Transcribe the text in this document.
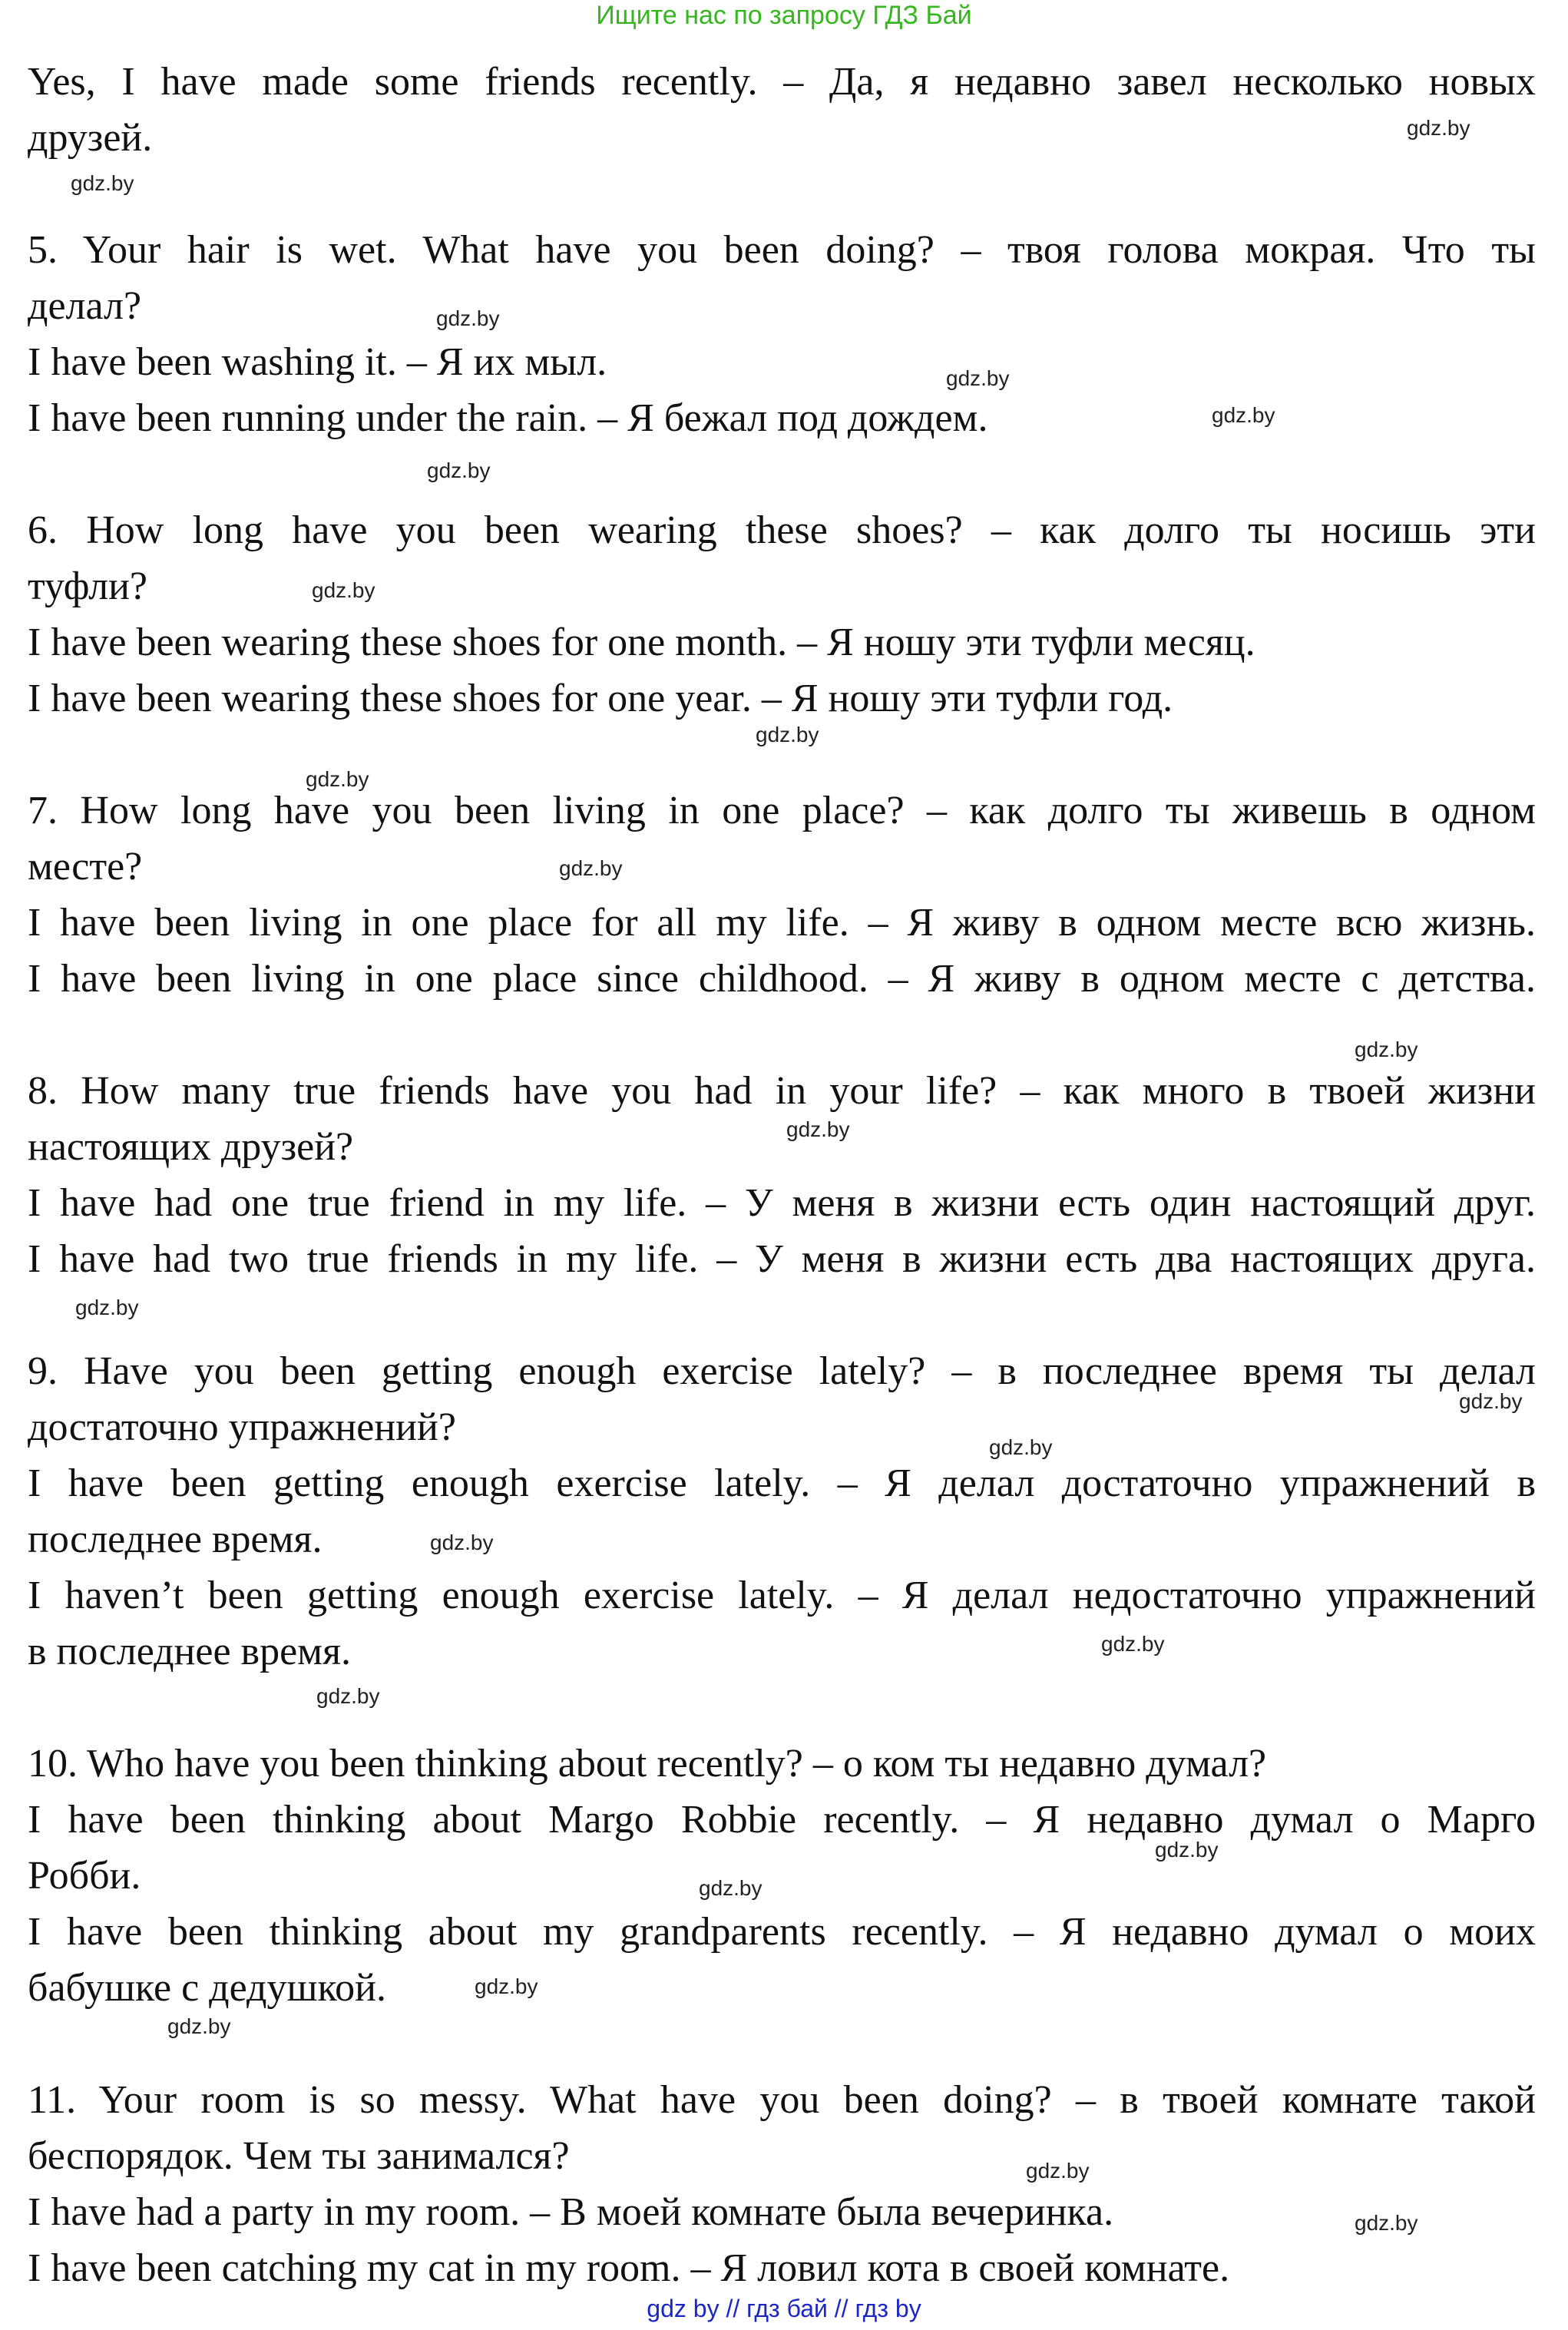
Ищите нас по запросу ГДЗ Бай
Yes, I have made some friends recently. – Да, я недавно завел несколько новых
друзей.
5. Your hair is wet. What have you been doing? – твоя голова мокрая. Что ты
делал?
I have been washing it. – Я их мыл.
I have been running under the rain. – Я бежал под дождем.
6. How long have you been wearing these shoes? – как долго ты носишь эти
туфли?
I have been wearing these shoes for one month. – Я ношу эти туфли месяц.
I have been wearing these shoes for one year. – Я ношу эти туфли год.
7. How long have you been living in one place? – как долго ты живешь в одном
месте?
I have been living in one place for all my life. – Я живу в одном месте всю жизнь.
I have been living in one place since childhood. – Я живу в одном месте с детства.
8. How many true friends have you had in your life? – как много в твоей жизни
настоящих друзей?
I have had one true friend in my life. – У меня в жизни есть один настоящий друг.
I have had two true friends in my life. – У меня в жизни есть два настоящих друга.
9. Have you been getting enough exercise lately? – в последнее время ты делал
достаточно упражнений?
I have been getting enough exercise lately. – Я делал достаточно упражнений в
последнее время.
I haven’t been getting enough exercise lately. – Я делал недостаточно упражнений
в последнее время.
10. Who have you been thinking about recently? – о ком ты недавно думал?
I have been thinking about Margo Robbie recently. – Я недавно думал о Марго
Робби.
I have been thinking about my grandparents recently. – Я недавно думал о моих
бабушке с дедушкой.
11. Your room is so messy. What have you been doing? – в твоей комнате такой
беспорядок. Чем ты занимался?
I have had a party in my room. – В моей комнате была вечеринка.
I have been catching my cat in my room. – Я ловил кота в своей комнате.
gdz.by
gdz.by
gdz.by
gdz.by
gdz.by
gdz.by
gdz.by
gdz.by
gdz.by
gdz.by
gdz.by
gdz.by
gdz.by
gdz.by
gdz.by
gdz.by
gdz.by
gdz.by
gdz.by
gdz.by
gdz.by
gdz.by
gdz.by
gdz.by
gdz by // гдз бай // гдз by
